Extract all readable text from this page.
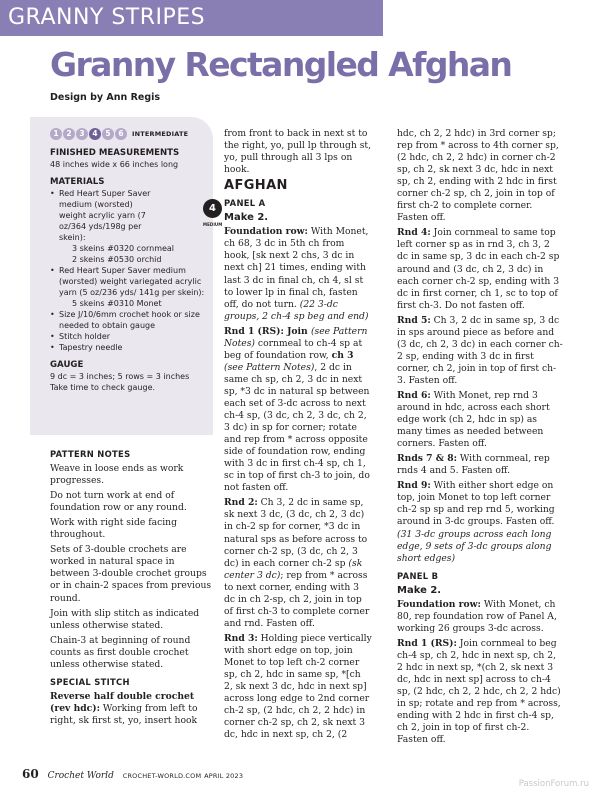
GRANNY STRIPES
Granny Rectangled Afghan
Design by Ann Regis
1	2	3	4	5	6	INTERMEDIATE
FINISHED MEASUREMENTS
48 inches wide x 66 inches long
MATERIALS
• Red Heart Super Saver medium (worsted) weight acrylic yarn (7 oz/364 yds/198g per skein):
3 skeins #0320 cornmeal
2 skeins #0530 orchid
• Red Heart Super Saver medium (worsted) weight variegated acrylic yarn (5 oz/236 yds/ 141g per skein):
5 skeins #0310 Monet
• Size J/10/6mm crochet hook or size needed to obtain gauge
• Stitch holder
• Tapestry needle
4
MEDIUM
GAUGE
9 dc = 3 inches; 5 rows = 3 inches
Take time to check gauge.
PATTERN NOTES

Weave in loose ends as work progresses.

Do not turn work at end of foundation row or any round.

Work with right side facing throughout.

Sets of 3-double crochets are worked in natural space in between 3-double crochet groups or in chain-2 spaces from previous round.

Join with slip stitch as indicated unless otherwise stated.

Chain-3 at beginning of round counts as first double crochet unless otherwise stated.

SPECIAL STITCH

Reverse half double crochet (rev hdc): Working from left to right, sk first st, yo, insert hook

from front to back in next st to the right, yo, pull lp through st, yo, pull through all 3 lps on hook.

AFGHAN
PANEL A
Make 2.

Foundation row: With Monet, ch 68, 3 dc in 5th ch from hook, [sk next 2 chs, 3 dc in next ch] 21 times, ending with last 3 dc in final ch, ch 4, sl st to lower lp in final ch, fasten off, do not turn. (22 3-dc groups, 2 ch-4 sp beg and end)

Rnd 1 (RS): Join (see Pattern Notes) cornmeal to ch-4 sp at beg of foundation row, ch 3 (see Pattern Notes), 2 dc in same ch sp, ch 2, 3 dc in next sp, *3 dc in natural sp between each set of 3-dc across to next ch-4 sp, (3 dc, ch 2, 3 dc, ch 2, 3 dc) in sp for corner; rotate and rep from * across opposite side of foundation row, ending with 3 dc in first ch-4 sp, ch 1, sc in top of first ch-3 to join, do not fasten off.

Rnd 2: Ch 3, 2 dc in same sp, sk next 3 dc, (3 dc, ch 2, 3 dc) in ch-2 sp for corner, *3 dc in natural sps as before across to corner ch-2 sp, (3 dc, ch 2, 3 dc) in each corner ch-2 sp (sk center 3 dc); rep from * across to next corner, ending with 3 dc in ch 2-sp, ch 2, join in top of first ch-3 to complete corner and rnd. Fasten off.

Rnd 3: Holding piece vertically with short edge on top, join Monet to top left ch-2 corner sp, ch 2, hdc in same sp, *[ch 2, sk next 3 dc, hdc in next sp] across long edge to 2nd corner ch-2 sp, (2 hdc, ch 2, 2 hdc) in corner ch-2 sp, ch 2, sk next 3 dc, hdc in next sp, ch 2, (2

hdc, ch 2, 2 hdc) in 3rd corner sp; rep from * across to 4th corner sp, (2 hdc, ch 2, 2 hdc) in corner ch-2 sp, ch 2, sk next 3 dc, hdc in next sp, ch 2, ending with 2 hdc in first corner ch-2 sp, ch 2, join in top of first ch-2 to complete corner. Fasten off.

Rnd 4: Join cornmeal to same top left corner sp as in rnd 3, ch 3, 2 dc in same sp, 3 dc in each ch-2 sp around and (3 dc, ch 2, 3 dc) in each corner ch-2 sp, ending with 3 dc in first corner, ch 1, sc to top of first ch-3. Do not fasten off.

Rnd 5: Ch 3, 2 dc in same sp, 3 dc in sps around piece as before and (3 dc, ch 2, 3 dc) in each corner ch-2 sp, ending with 3 dc in first corner, ch 2, join in top of first ch-3. Fasten off.

Rnd 6: With Monet, rep rnd 3 around in hdc, across each short edge work (ch 2, hdc in sp) as many times as needed between corners. Fasten off.

Rnds 7 & 8: With cornmeal, rep rnds 4 and 5. Fasten off.

Rnd 9: With either short edge on top, join Monet to top left corner ch-2 sp sp and rep rnd 5, working around in 3-dc groups. Fasten off. (31 3-dc groups across each long edge, 9 sets of 3-dc groups along short edges)

PANEL B
Make 2.

Foundation row: With Monet, ch 80, rep foundation row of Panel A, working 26 groups 3-dc across.

Rnd 1 (RS): Join cornmeal to beg ch-4 sp, ch 2, hdc in next sp, ch 2, 2 hdc in next sp, *(ch 2, sk next 3 dc, hdc in next sp] across to ch-4 sp, (2 hdc, ch 2, 2 hdc, ch 2, 2 hdc) in sp; rotate and rep from * across, ending with 2 hdc in first ch-4 sp, ch 2, join in top of first ch-2. Fasten off.

60 Crochet World CROCHET-WORLD.COM APRIL 2023
PassionForum.ru
